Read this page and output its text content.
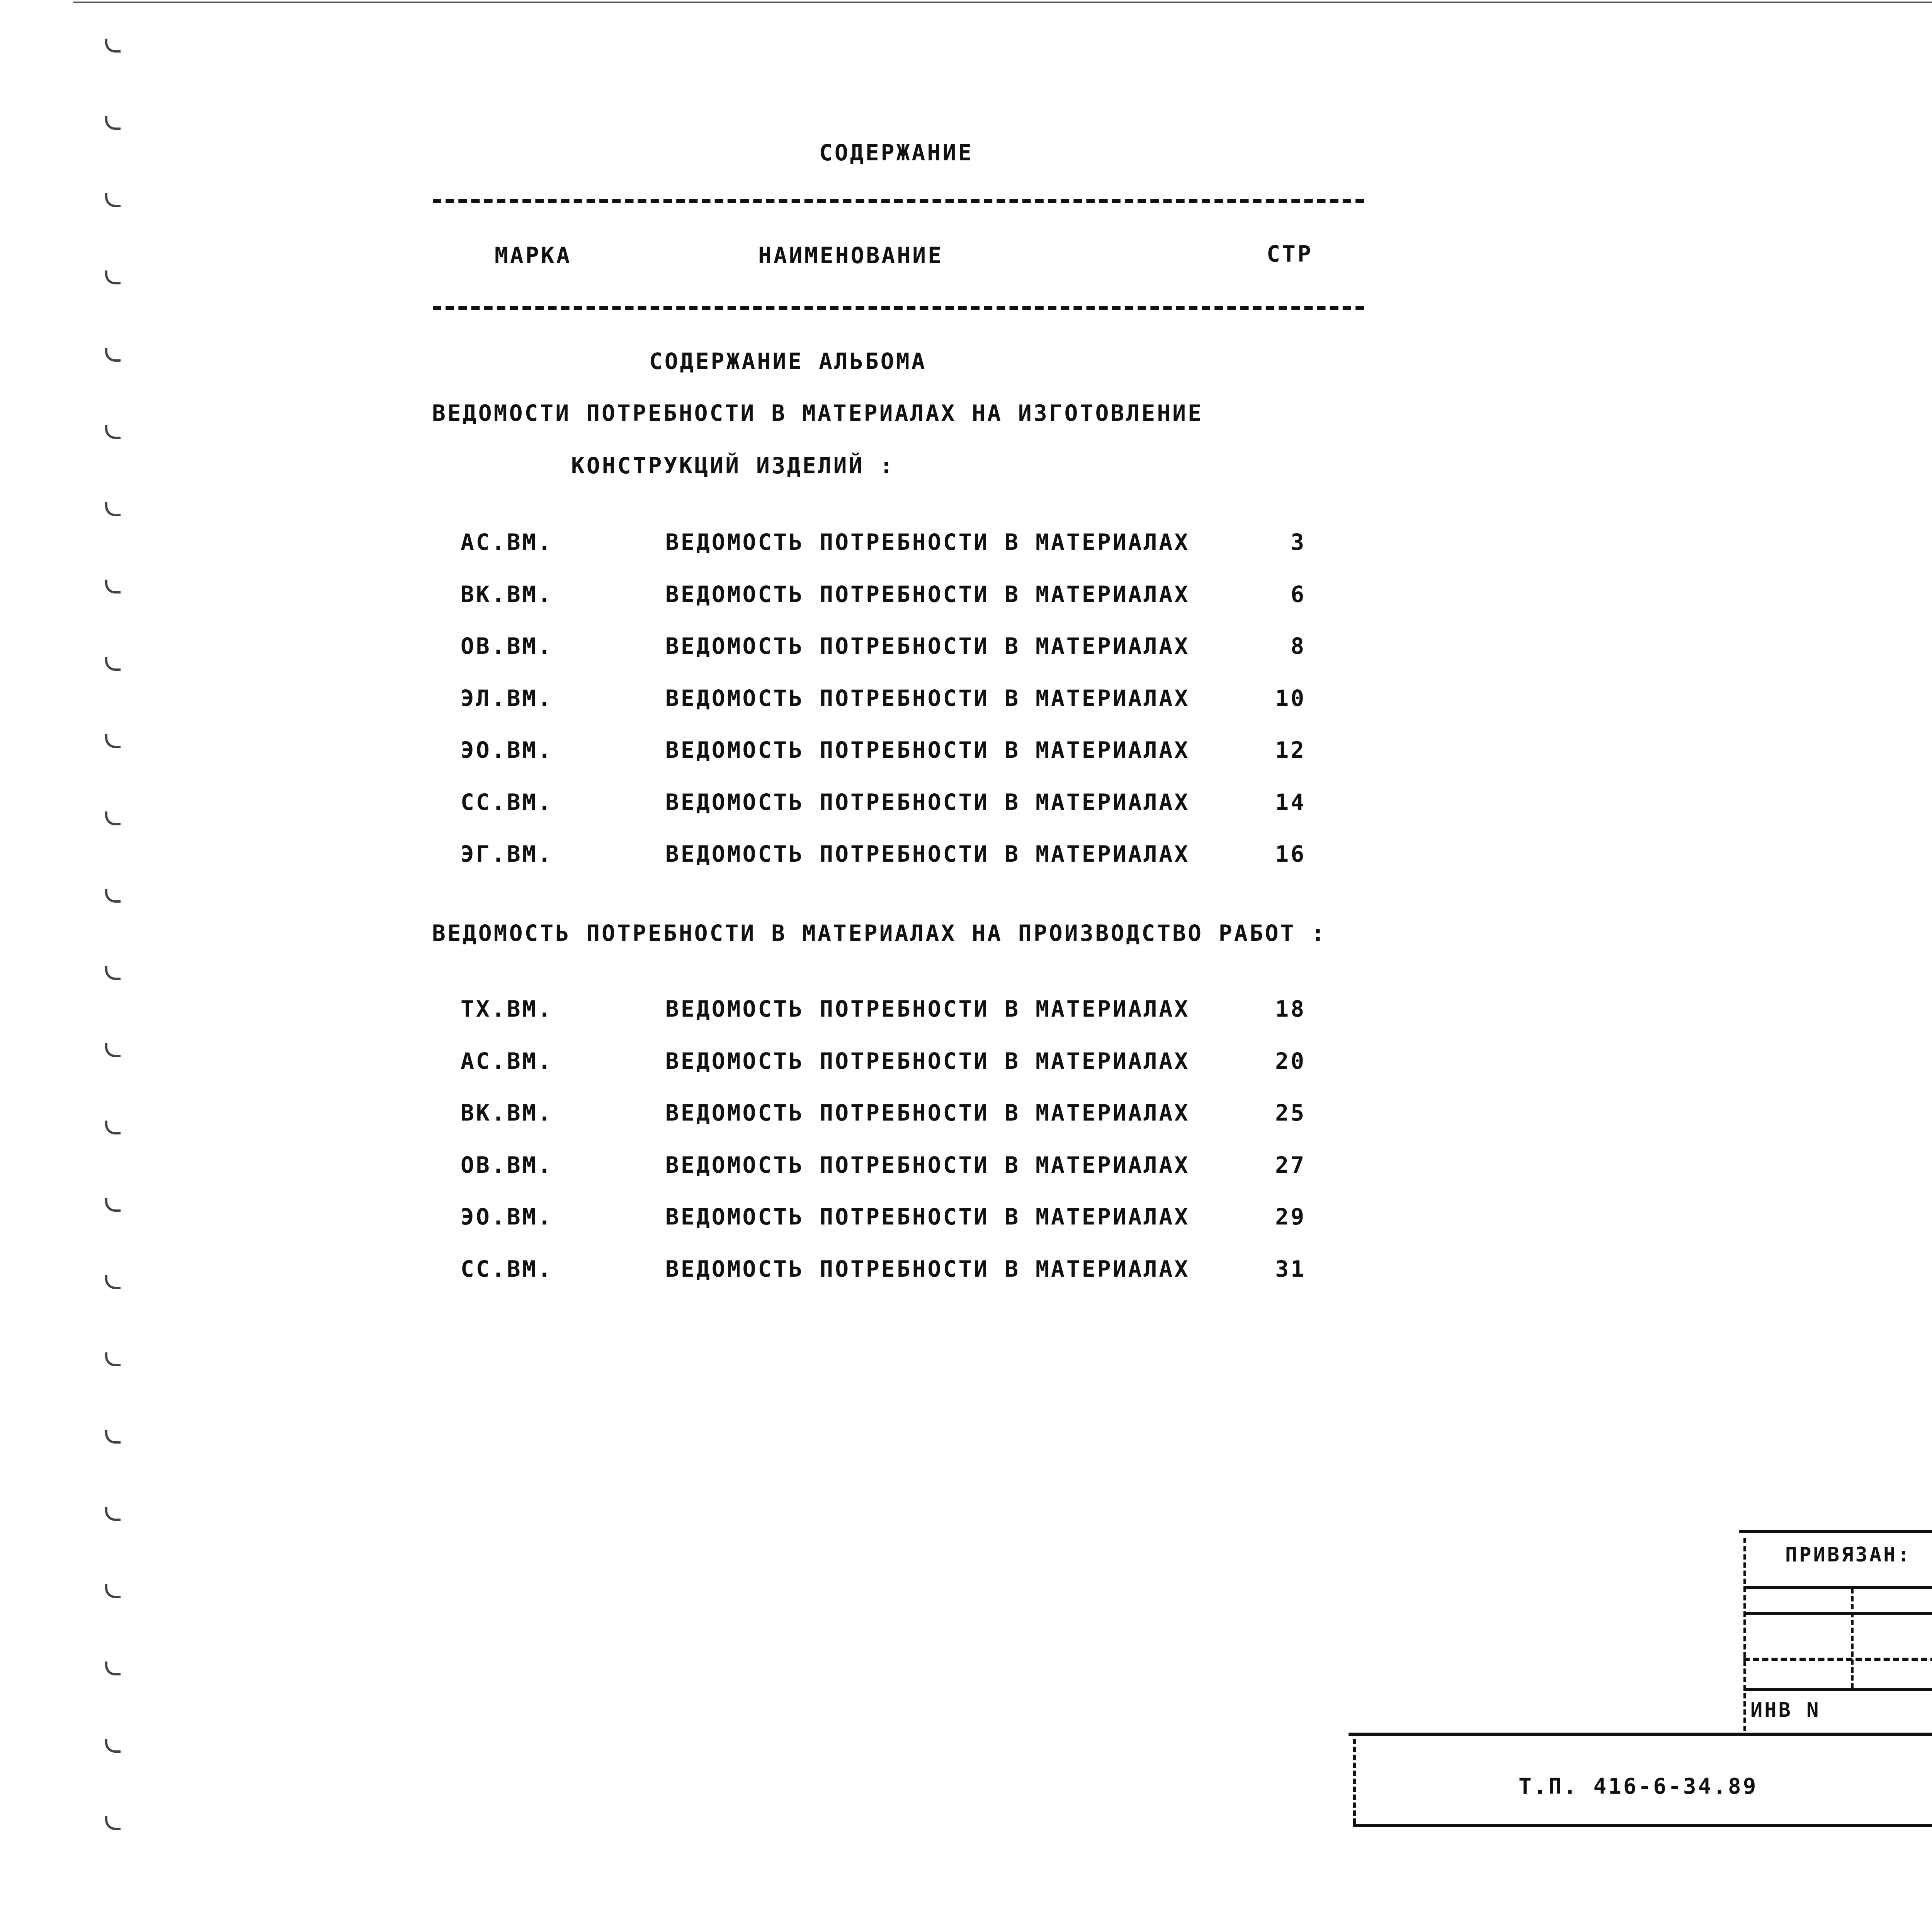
СОДЕРЖАНИЕ
МАРКА	НАИМЕНОВАНИЕ	СТР
СОДЕРЖАНИЕ АЛЬБОМА
ВЕДОМОСТИ ПОТРЕБНОСТИ В МАТЕРИАЛАХ НА ИЗГОТОВЛЕНИЕ
КОНСТРУКЦИЙ ИЗДЕЛИЙ :
АС.ВМ.	ВЕДОМОСТЬ ПОТРЕБНОСТИ В МАТЕРИАЛАХ	3
ВК.ВМ.	ВЕДОМОСТЬ ПОТРЕБНОСТИ В МАТЕРИАЛАХ	6
ОВ.ВМ.	ВЕДОМОСТЬ ПОТРЕБНОСТИ В МАТЕРИАЛАХ	8
ЭЛ.ВМ.	ВЕДОМОСТЬ ПОТРЕБНОСТИ В МАТЕРИАЛАХ	10
ЭО.ВМ.	ВЕДОМОСТЬ ПОТРЕБНОСТИ В МАТЕРИАЛАХ	12
СС.ВМ.	ВЕДОМОСТЬ ПОТРЕБНОСТИ В МАТЕРИАЛАХ	14
ЭГ.ВМ.	ВЕДОМОСТЬ ПОТРЕБНОСТИ В МАТЕРИАЛАХ	16
ВЕДОМОСТЬ ПОТРЕБНОСТИ В МАТЕРИАЛАХ НА ПРОИЗВОДСТВО РАБОТ :
ТХ.ВМ.	ВЕДОМОСТЬ ПОТРЕБНОСТИ В МАТЕРИАЛАХ	18
АС.ВМ.	ВЕДОМОСТЬ ПОТРЕБНОСТИ В МАТЕРИАЛАХ	20
ВК.ВМ.	ВЕДОМОСТЬ ПОТРЕБНОСТИ В МАТЕРИАЛАХ	25
ОВ.ВМ.	ВЕДОМОСТЬ ПОТРЕБНОСТИ В МАТЕРИАЛАХ	27
ЭО.ВМ.	ВЕДОМОСТЬ ПОТРЕБНОСТИ В МАТЕРИАЛАХ	29
СС.ВМ.	ВЕДОМОСТЬ ПОТРЕБНОСТИ В МАТЕРИАЛАХ	31
ПРИВЯЗАН:
ИНВ N
Т.П. 416-6-34.89
